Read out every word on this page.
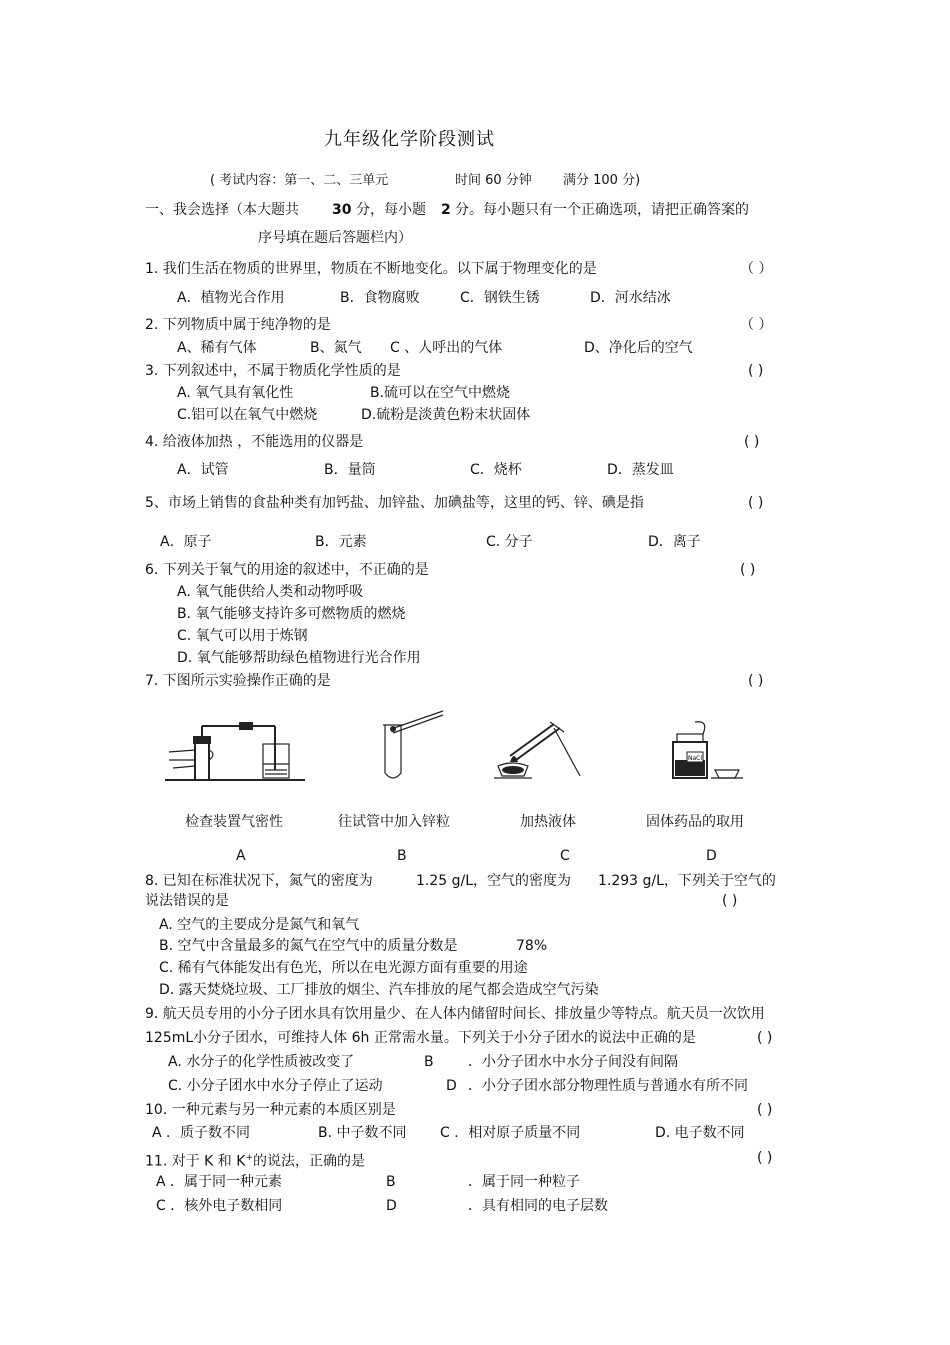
九年级化学阶段测试
( 考试内容：第一、二、三单元	时间 60 分钟 满分 100 分)
一、我会选择（本大题共 30 分，每小题 2 分。每小题只有一个正确选项，请把正确答案的
序号填在题后答题栏内）
1. 我们生活在物质的世界里，物质在不断地变化。以下属于物理变化的是	（ ）
A．植物光合作用	B．食物腐败	C．钢铁生锈	D．河水结冰
2. 下列物质中属于纯净物的是	（ ）
A、稀有气体	B、氮气 C 、人呼出的气体	D、净化后的空气
3. 下列叙述中，不属于物质化学性质的是	( )
A. 氧气具有氧化性	B.硫可以在空气中燃烧
C.铝可以在氧气中燃烧	D.硫粉是淡黄色粉末状固体
4. 给液体加热 ，不能选用的仪器是	( )
A．试管	B．量筒	C．烧杯	D．蒸发皿
5、市场上销售的食盐种类有加钙盐、加锌盐、加碘盐等，这里的钙、锌、碘是指	( )
A．原子	B．元素	C. 分子	D．离子
6. 下列关于氧气的用途的叙述中，不正确的是	( )
A. 氧气能供给人类和动物呼吸
B. 氧气能够支持许多可燃物质的燃烧
C. 氧气可以用于炼钢
D. 氧气能够帮助绿色植物进行光合作用
7. 下图所示实验操作正确的是	( )
NaCl
检查装置气密性	往试管中加入锌粒	加热液体	固体药品的取用
A	B	C	D
8. 已知在标准状况下，氮气的密度为	1.25 g/L，空气的密度为 1.293 g/L，下列关于空气的
说法错误的是	( )
A. 空气的主要成分是氮气和氧气
B. 空气中含量最多的氮气在空气中的质量分数是	78%
C. 稀有气体能发出有色光，所以在电光源方面有重要的用途
D. 露天焚烧垃圾、工厂排放的烟尘、汽车排放的尾气都会造成空气污染
9. 航天员专用的小分子团水具有饮用量少、在人体内储留时间长、排放量少等特点。航天员一次饮用
125mL小分子团水，可维持人体 6h 正常需水量。下列关于小分子团水的说法中正确的是	( )
A. 水分子的化学性质被改变了	B ．小分子团水中水分子间没有间隔
C. 小分子团水中水分子停止了运动	D ．小分子团水部分物理性质与普通水有所不同
10. 一种元素与另一种元素的本质区别是	( )
A ．质子数不同	B. 中子数不同 C ．相对原子质量不同	D. 电子数不同
11. 对于 K 和 K+的说法，正确的是	( )
A ．属于同一种元素	B	．属于同一种粒子
C ．核外电子数相同	D	．具有相同的电子层数
